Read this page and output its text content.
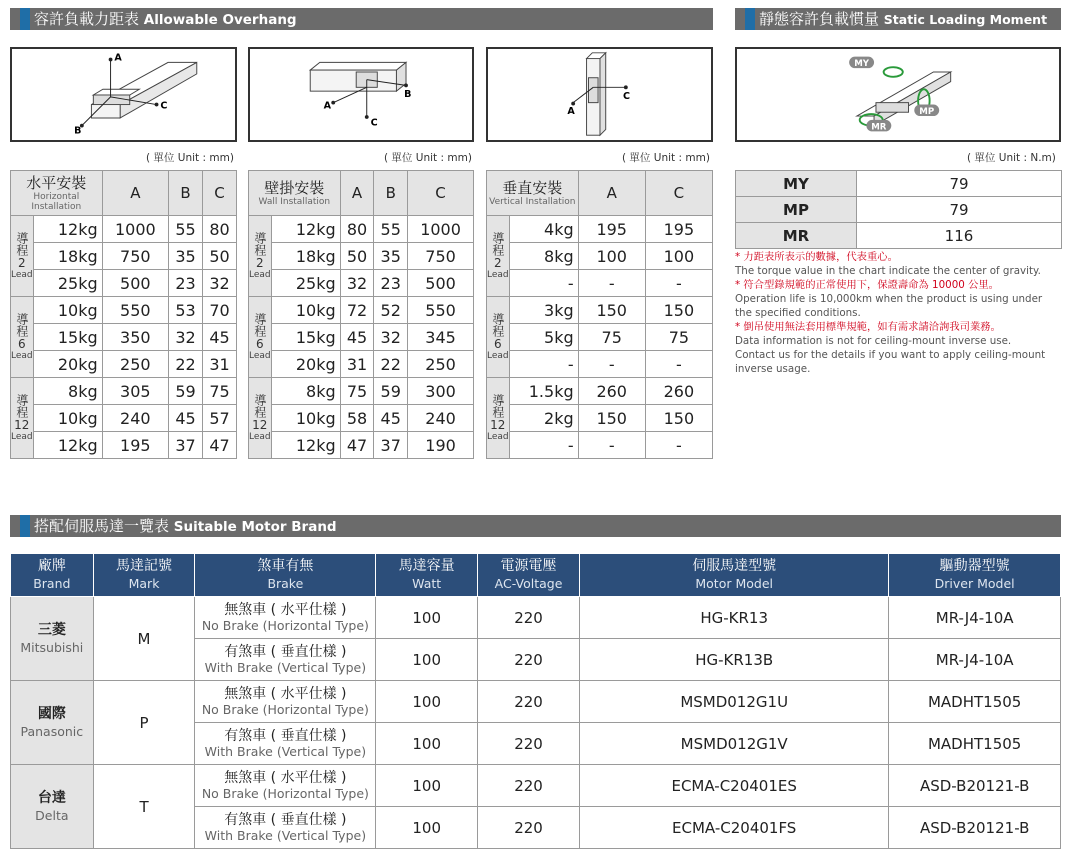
容許負載力距表 Allowable Overhang	靜態容許負載慣量 Static Loading Moment
A
C
B
B
A
C
C
A
MY
MP
MR
( 單位 Unit : mm)	( 單位 Unit : mm)	( 單位 Unit : mm)	( 單位 Unit : N.m)
水平安裝
Horizontal Installation		A	B	C

導程
2
Lead	12kg	1000	55	80
	18kg	750	35	50
	25kg	500	23	32

導程
6
Lead	10kg	550	53	70
	15kg	350	32	45
	20kg	250	22	31

導程
12
Lead	8kg	305	59	75
	10kg	240	45	57
	12kg	195	37	47
壁掛安裝
Wall Installation		A	B	C

導程
2
Lead	12kg	80	55	1000
	18kg	50	35	750
	25kg	32	23	500

導程
6
Lead	10kg	72	52	550
	15kg	45	32	345
	20kg	31	22	250

導程
12
Lead	8kg	75	59	300
	10kg	58	45	240
	12kg	47	37	190
垂直安裝
Vertical Installation		A	C

導程
2
Lead	4kg	195	195
	8kg	100	100
	-	-	-

導程
6
Lead	3kg	150	150
	5kg	75	75
	-	-	-

導程
12
Lead	1.5kg	260	260
	2kg	150	150
	-	-	-
MY	79
MP	79
MR	116
* 力距表所表示的數據，代表重心。
The torque value in the chart indicate the center of gravity.
* 符合型錄規範的正常使用下，保證壽命為 10000 公里。
Operation life is 10,000km when the product is using under the specified conditions.
* 倒吊使用無法套用標準規範，如有需求請洽詢我司業務。
Data information is not for ceiling-mount inverse use.
Contact us for the details if you want to apply ceiling-mount inverse usage.
搭配伺服馬達一覽表 Suitable Motor Brand
廠牌
Brand	馬達記號
Mark	煞車有無
Brake	馬達容量
Watt	電源電壓
AC-Voltage	伺服馬達型號
Motor Model	驅動器型號
Driver Model

三菱
Mitsubishi	M	無煞車 ( 水平仕樣 )
No Brake (Horizontal Type)	100	220	HG-KR13	MR-J4-10A

		有煞車 ( 垂直仕樣 )
With Brake (Vertical Type)	100	220	HG-KR13B	MR-J4-10A
國際
Panasonic	P	無煞車 ( 水平仕樣 )
No Brake (Horizontal Type)	100	220	MSMD012G1U	MADHT1505

		有煞車 ( 垂直仕樣 )
With Brake (Vertical Type)	100	220	MSMD012G1V	MADHT1505
台達
Delta	T	無煞車 ( 水平仕樣 )
No Brake (Horizontal Type)	100	220	ECMA-C20401ES	ASD-B20121-B

		有煞車 ( 垂直仕樣 )
With Brake (Vertical Type)	100	220	ECMA-C20401FS	ASD-B20121-B
